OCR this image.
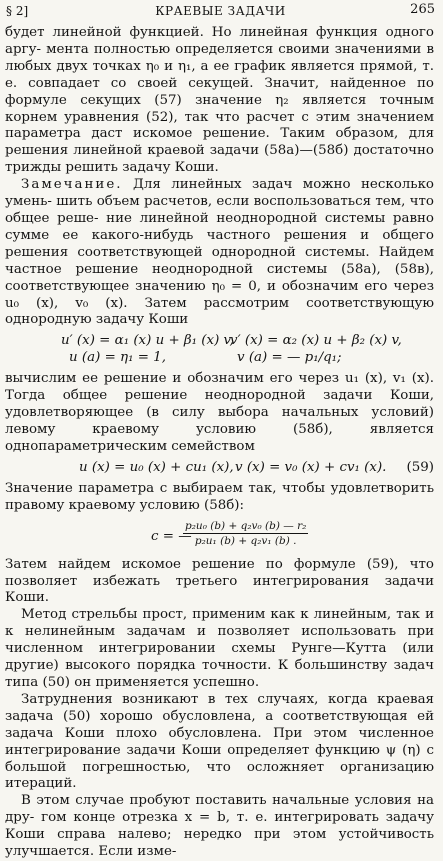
§ 2]	КРАЕВЫЕ ЗАДАЧИ	265

будет линейной функцией. Но линейная функция одного аргу- мента полностью определяется своими значениями в любых двух точках η₀ и η₁, а ее график является прямой, т. е. совпадает со своей секущей. Значит, найденное по формуле секущих (57) значение η₂ является точным корнем уравнения (52), так что расчет с этим значением параметра даст искомое решение. Таким образом, для решения линейной краевой задачи (58а)—(58б) достаточно трижды решить задачу Коши.

Замечание. Для линейных задач можно несколько умень- шить объем расчетов, если воспользоваться тем, что общее реше- ние линейной неоднородной системы равно сумме ее какого-нибудь частного решения и общего решения соответствующей однородной системы. Найдем частное решение неоднородной системы (58а), (58в), соответствующее значению η₀ = 0, и обозначим его через u₀ (x), v₀ (x). Затем рассмотрим соответствующую однородную задачу Коши

u′ (x) = α₁ (x) u + β₁ (x) v,
v′ (x) = α₂ (x) u + β₂ (x) v,
u (a) = η₁ = 1,	v (a) = — p₁/q₁;

вычислим ее решение и обозначим его через u₁ (x), v₁ (x). Тогда общее решение неоднородной задачи Коши, удовлетворяющее (в силу выбора начальных условий) левому краевому условию	(58б), является однопараметрическим семейством

u (x) = u₀ (x) + cu₁ (x), v (x) = v₀ (x) + cv₁ (x). (59)

Значение параметра c выбираем так, чтобы удовлетворить правому краевому условию (58б):

c = —
$\frac{\text{p₂u₀ (b) + q₂v₀ (b) — r₂}}{\text{p₂u₁ (b) + q₂v₁ (b) .}}$

Затем найдем искомое решение по формуле (59), что позволяет избежать третьего интегрирования задачи Коши.

Метод стрельбы прост, применим как к линейным, так и к нелинейным задачам и позволяет использовать при численном интегрировании схемы Рунге—Кутта (или другие) высокого порядка точности. К большинству задач типа (50) он применяется успешно.

Затруднения возникают в тех случаях, когда краевая задача (50) хорошо обусловлена, а соответствующая ей задача Коши плохо обусловлена. При этом численное интегрирование задачи Коши определяет функцию ψ (η) с большой погрешностью, что осложняет организацию итераций.

В этом случае пробуют поставить начальные условия на дру- гом конце отрезка x = b, т. е. интегрировать задачу Коши справа налево; нередко при этом устойчивость улучшается. Если изме-
